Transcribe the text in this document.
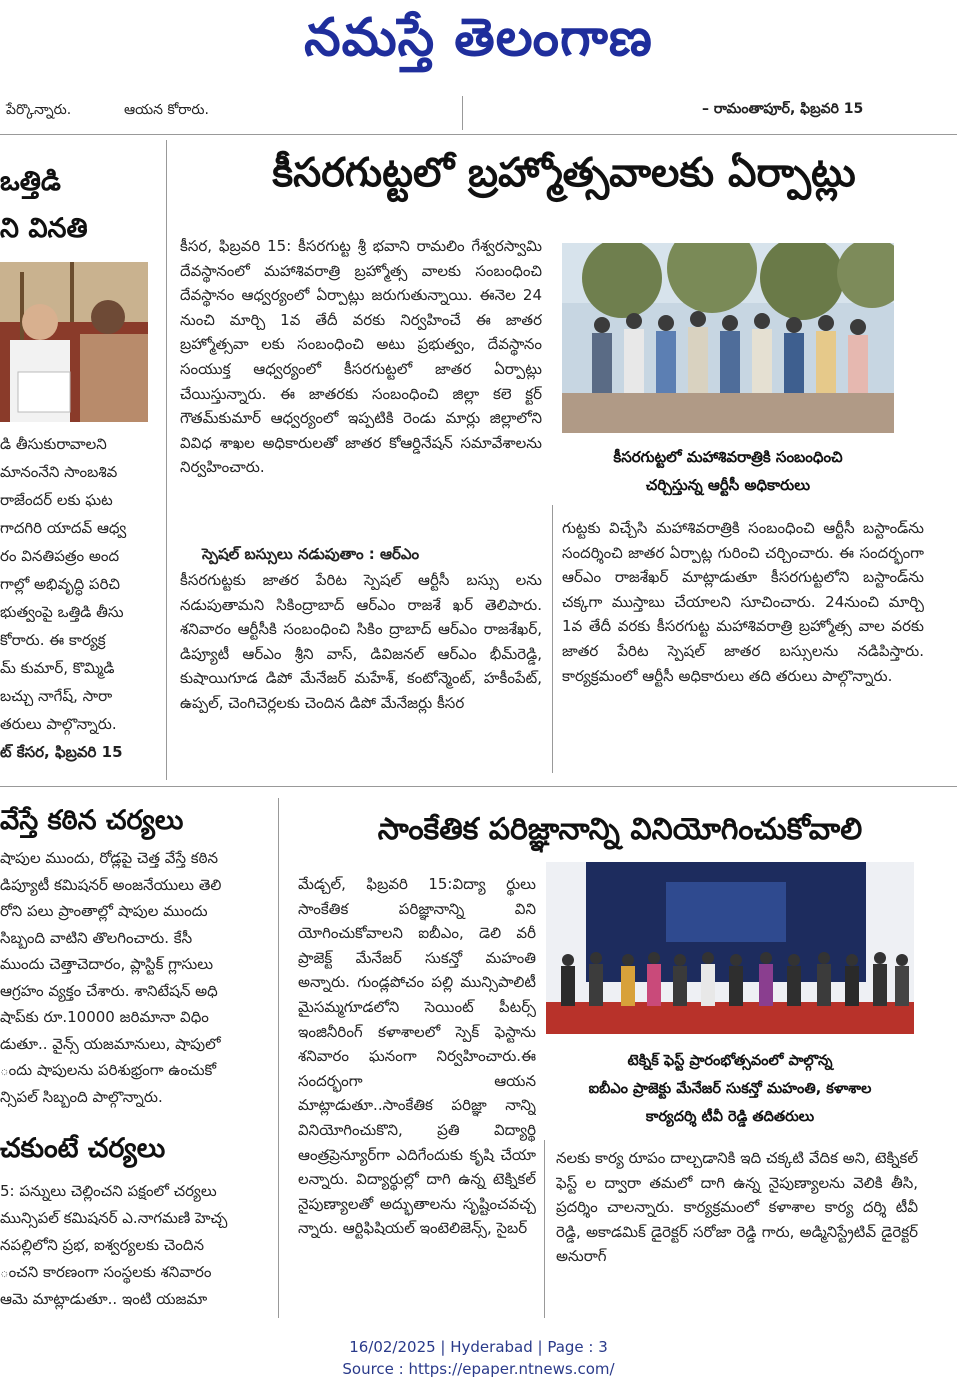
నమస్తే తెలంగాణ
పేర్కొన్నారు.	ఆయన కోరారు.	– రామంతాపూర్, ఫిబ్రవరి 15
ఒత్తిడి
ని వినతి

డి తీసుకురావాలని

మానంనేని సాంబశివ

రాజేందర్ లకు ఘట

గాదగిరి యాదవ్ ఆధ్వ

రం వినతిపత్రం అంద

గాల్లో అభివృద్ధి పరిచి

భుత్వంపై ఒత్తిడి తీసు

కోరారు. ఈ కార్యక్ర

మ్ కుమార్, కొమ్మిడి

బచ్చు నాగేష్, సారా

తరులు పాల్గొన్నారు.

ట్ కేసర, ఫిబ్రవరి 15

కీసరగుట్టలో బ్రహ్మోత్సవాలకు ఏర్పాట్లు

కీసర, ఫిబ్రవరి 15: కీసరగుట్ట శ్రీ భవాని రామలిం గేశ్వరస్వామి దేవస్థానంలో మహాశివరాత్రి బ్రహ్మోత్స వాలకు సంబంధించి దేవస్థానం ఆధ్వర్యంలో ఏర్పాట్లు జరుగుతున్నాయి. ఈనెల 24 నుంచి మార్చి 1వ తేదీ వరకు నిర్వహించే ఈ జాతర బ్రహ్మోత్సవా లకు సంబంధించి అటు ప్రభుత్వం, దేవస్థానం సంయుక్త ఆధ్వర్యంలో కీసరగుట్టలో జాతర ఏర్పాట్లు చేయిస్తున్నారు. ఈ జాతరకు సంబంధించి జిల్లా కలె క్టర్ గౌతమ్‌కుమార్ ఆధ్వర్యంలో ఇప్పటికి రెండు మార్లు జిల్లాలోని వివిధ శాఖల అధికారులతో జాతర కోఆర్డినేషన్ సమావేశాలను నిర్వహించారు.

స్పెషల్ బస్సులు నడుపుతాం : ఆర్‌ఎం

కీసరగుట్టకు జాతర పేరిట స్పెషల్ ఆర్టీసీ బస్సు లను నడుపుతామని సికింద్రాబాద్ ఆర్‌ఎం రాజశే ఖర్ తెలిపారు. శనివారం ఆర్టీసీకి సంబంధించి సికిం ద్రాబాద్ ఆర్‌ఎం రాజశేఖర్, డిప్యూటీ ఆర్‌ఎం శ్రీని వాస్, డివిజనల్ ఆర్‌ఎం భీమ్‌రెడ్డి, కుషాయిగూడ డిపో మేనేజర్ మహేశ్, కంటోన్మెంట్, హకీంపేట్, ఉప్పల్, చెంగిచెర్లలకు చెందిన డిపో మేనేజర్లు కీసర

కీసరగుట్టలో మహాశివరాత్రికి సంబంధించి
చర్చిస్తున్న ఆర్టీసీ అధికారులు

గుట్టకు విచ్చేసి మహాశివరాత్రికి సంబంధించి ఆర్టీసీ బస్టాండ్‌ను సందర్శించి జాతర ఏర్పాట్ల గురించి చర్చించారు. ఈ సందర్భంగా ఆర్‌ఎం రాజశేఖర్ మాట్లాడుతూ కీసరగుట్టలోని బస్టాండ్‌ను చక్కగా ముస్తాబు చేయాలని సూచించారు. 24నుంచి మార్చి 1వ తేదీ వరకు కీసరగుట్ట మహాశివరాత్రి బ్రహ్మోత్స వాల వరకు జాతర పేరిట స్పెషల్ జాతర బస్సులను నడిపిస్తారు. కార్యక్రమంలో ఆర్టీసీ అధికారులు తది తరులు పాల్గొన్నారు.

వేస్తే కఠిన చర్యలు

షాపుల ముందు, రోడ్లపై చెత్త వేస్తే కఠిన

డిప్యూటీ కమిషనర్ అంజనేయులు తెలి

రోని పలు ప్రాంతాల్లో షాపుల ముందు

సిబ్బంది వాటిని తొలగించారు. కేసీ

ముందు చెత్తాచెదారం, ప్లాస్టిక్ గ్లాసులు

ఆగ్రహం వ్యక్తం చేశారు. శానిటేషన్ అధి

షాప్‌కు రూ.10000 జరిమానా విధిం

డుతూ.. వైన్స్ యజమానులు, షాపులో

ందు షాపులను పరిశుభ్రంగా ఉంచుకో

న్సిపల్ సిబ్బంది పాల్గొన్నారు.

చకుంటే చర్యలు

5: పన్నులు చెల్లించని పక్షంలో చర్యలు

మున్సిపల్ కమిషనర్ ఎ.నాగమణి హెచ్చ

నపల్లిలోని ప్రభ, ఐశ్వర్యలకు చెందిన

ంచని కారణంగా సంస్థలకు శనివారం

ఆమె మాట్లాడుతూ.. ఇంటి యజమా

సాంకేతిక పరిజ్ఞానాన్ని వినియోగించుకోవాలి

మేడ్చల్, ఫిబ్రవరి 15:విద్యా ర్థులు సాంకేతిక పరిజ్ఞానాన్ని విని యోగించుకోవాలని ఐబీఎం, డెలి వరీ ప్రాజెక్ట్ మేనేజర్ సుకన్తో మహంతి అన్నారు. గుండ్లపోచం పల్లి మున్సిపాలిటీ మైసమ్మగూడలోని సెయింట్ పీటర్స్ ఇంజినీరింగ్ కళాశాలలో స్పెక్ ఫెస్టాను శనివారం ఘనంగా నిర్వహించారు.ఈ సందర్భంగా ఆయన మాట్లాడుతూ..సాంకేతిక పరిజ్ఞా నాన్ని వినియోగించుకొని, ప్రతి విద్యార్థి ఆంత్రప్రెన్యూర్‌గా ఎదిగేందుకు కృషి చేయా లన్నారు. విద్యార్థుల్లో దాగి ఉన్న టెక్నికల్ నైపుణ్యాలతో అద్భుతాలను సృష్టించవచ్చ న్నారు. ఆర్టిఫిషియల్ ఇంటెలిజెన్స్, సైబర్

టెక్నిక్ ఫెస్ట్ ప్రారంభోత్సవంలో పాల్గొన్న
ఐబీఎం ప్రాజెక్టు మేనేజర్ సుకన్తో మహంతి, కళాశాల
కార్యదర్శి టీవీ రెడ్డి తదితరులు

నలకు కార్య రూపం దాల్చడానికి ఇది చక్కటి వేదిక అని, టెక్నికల్ ఫెస్ట్ ల ద్వారా తమలో దాగి ఉన్న నైపుణ్యాలను వెలికి తీసి, ప్రదర్శిం చాలన్నారు. కార్యక్రమంలో కళాశాల కార్య దర్శి టీవీ రెడ్డి, అకాడమిక్ డైరెక్టర్ సరోజా రెడ్డి గారు, అడ్మినిస్ట్రేటివ్ డైరెక్టర్ అనురాగ్

16/02/2025 | Hyderabad | Page : 3
Source : https://epaper.ntnews.com/
